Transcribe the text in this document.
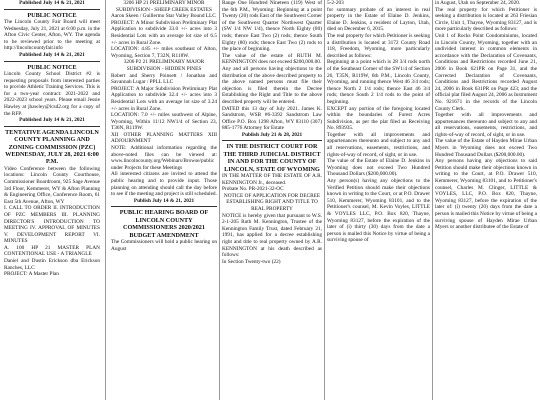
Published July 14 & 21, 2021

PUBLIC NOTICE

The Lincoln County Fair Board will meet Wednesday, July 21, 2021 at 6:00 p.m. in the Afton Civic Center, Afton, WY. The agenda to be reviewed prior to the meeting at http://lincolncountyfair.info

Published July 14 & 21, 2021

PUBLIC NOTICE

Lincoln County School District #2 is requesting proposals from interested parties to provide Athletic Training Services. This is for a two-year contract: 2021-2022 and 2022-2023 school years. Please email Jessie Hawley at jhawley@lcsd2.org for a copy of the RFP.

Published July 14 & 21, 2021

TENTATIVE AGENDA LINCOLN COUNTY PLANNING AND ZONING COMMISSION (PZC) WEDNESDAY, JULY 28, 2021 6:00 P.M.

Video Conference between the following locations: Lincoln County Courthouse, Commissioner Boardroom, 925 Sage Avenue 3rd Floor, Kemmerer, WY & Afton Planning & Engineering Office, Conference Room, 61 East 5th Avenue, Afton, WY

I. CALL TO ORDER II. INTRODUCTION OF PZC MEMBERS III. PLANNING DIRECTOR'S INTRODUCTION TO MEETING IV. APPROVAL OF MINUTES V. DEVELOPMENT REPORT VI. MINUTES

A. 100 HP 21 MASTER PLAN CONTENTIONAL USE - A TRIANGLE

Daniel and Dustin Erickson dba Erickson Ranches, LLC

PROJECT: A Master Plan

3206 HP 21 PRELIMINARY MINOR SUBDIVISION - SHEEP CREEK ESTATES

Aaron Skeen / Guillermo Star Valley Bound LLC

PROJECT: A Minor Subdivision Preliminary Plat Application to subdivide 33.0 +/- acres into 3 Residential Lots with an average lot size of 6.5 +/- acres in Rural Zone.

LOCATION: 4.85 +/- miles southeast of Alton, Wyoming, Section 7, T32N, R118W.

3206 P2 21 PRELIMINARY MAJOR SUBDIVISION - HIDDEN PINES

Robert and Sherry Poinsett / Jonathan and Savannah Lugar / PPLL LLC

PROJECT: A Major Subdivision Preliminary Plat Application to subdivide 32.4 +/- acres into 3 Residential Lots with an average lot size of 3.24 +/- acres in Rural Zone.

LOCATION: 7.0 +/- miles southwest of Alpine, Wyoming, Within 11/12 NW1/4 of Section 23, T36N, R119W.

XII OTHER PLANNING MATTERS XIII ADJOURNMENT

NOTE: Additional information regarding the above-noted files can be viewed at: www.lincolncounty.org/Webinars/Browse/public under Projects for these Meetings

All interested citizens are invited to attend the public hearing and to provide input. Those planning on attending should call the day before to see if the meeting and project is still scheduled.

Publish July 14 & 21, 2021

PUBLIC HEARING BOARD OF LINCOLN COUNTY COMMISSIONERS 2020/2021 BUDGET AMENDMENT

The Commissioners will hold a public hearing on August

Range One Hundred Nineteen (119) West of the 6th P.M., Wyoming: Beginning at a point Twenty (20) rods East of the Southwest Corner of the Southwest Quarter Northwest Quarter (SW 1/4 NW 1/4), thence North Eighty (80) rods; thence East Two (2) rods; thence South Eighty (80) rods; thence East Two (2) rods to the place of beginning.

The value of the estate of RUTH M. KENNINGTON does not exceed $200,000.00.

Any and all persons having objections to the distribution of the above described property to the above named persons must file their objection is filed therein the Decree Establishing the Right and Title to the above described property will be entered.

DATED this 13 day of July 2021. James K. Sandstrom, WSB #6-3392 Sandstrom Law Office P.O. Box 1298 Afton, WY 83110 (307) 885-1776 Attorney for Estate

Publish July 21 & 28, 2021

IN THE DISTRICT COURT FOR THE THIRD JUDICIAL DISTRICT IN AND FOR THE COUNTY OF LINCOLN, STATE OF WYOMING

IN THE MATTER OF THE ESTATE OF A.R. KENNINGTON Jr., deceased.

Probate No. PR-2021-32-OC

NOTICE OF APPLICATION FOR DECREE ESTABLISHING RIGHT AND TITLE TO REAL PROPERTY

NOTICE is hereby given that pursuant to W.S. 2-1-205 Ruth M. Kennington, Trustee of the Kennington Family Trust, dated February 21, 1991, has applied for a decree establishing right and title to real property owned by A.R. KENNINGTON at his death described as follows:

In Section Twenty-two (22)

5-2-203

for summary probate of an interest in real property in the Estate of Elaine D. Jenkins, Elaine D. Jenkins, a resident of Layton, Utah, died on December 6, 2015.

The real property for which Petitioner is seeking a distribution is located at 3172 County Road 118, Freedom, Wyoming, more particularly described as follows:

Beginning at a point which is 28 3/4 rods north of the Southeast Corner of the SW1/4 of Section 26, T35N, R119W, 6th P.M., Lincoln County, Wyoming, and running thence West 46 3/4 rods; thence North 2 1/4 rods; thence East 46 3/4 rods; thence South 2 1/4 rods to the point of beginning.

EXCEPT any portion of the foregoing located within the boundaries of Forest Acres Subdivision, as per the plat filed as Receiving No. 893935.

Together with all improvements and appurtenances thereunto and subject to any and all reservations, easements, restrictions, and rights-of-way of record, of sight, or in use.

The value of the Estate of Elaine D. Jenkins in Wyoming does not exceed Two Hundred Thousand Dollars ($200,000.00).

Any person(s) having any objections to the Verified Petition should make their objections known in writing to the Court, or at P.O. Drawer 510, Kemmerer, Wyoming 83101, and to the Petitioner's counsel, M. Kevin Voyles, LITTLE & VOYLES LLC, P.O. Box 820, Thayne, Wyoming 83127, before the expiration of the later of (i) thirty (30) days from the date a person is mailed this Notice by virtue of being a surviving spouse of

in August, Utah on September 24, 2020.

The real property for which Petitioner is seeking a distribution is located at 263 Friesian Circle, Unit 1, Thayne, Wyoming 83127, and is more particularly described as follows:

Unit 1 of Rocks Point Condominiums, located in Lincoln County, Wyoming, together with an undivided interest in common elements in accordance with the Declaration of Covenants, Conditions and Restrictions recorded June 21, 2006 in Book 621PR on Page 31, and the Corrected Declaration of Covenants, Conditions and Restrictions recorded August 24, 2006 in Book 631PR on Page 423; and the official plat filed August 24, 2006 as Instrument No. 921671 in the records of the Lincoln County Clerk.

Together with all improvements and appurtenances thereunto and subject to any and all reservations, easements, restrictions, and rights-of-way of record, of sight, or in use.

The value of the Estate of Hayden Mirae Urban Myers in Wyoming does not exceed Two Hundred Thousand Dollars ($200,000.00).

Any persons having any objections to said Petition should make their objections known in writing to the Court, at P.O. Drawer 510, Kemmerer, Wyoming 83101, and to Petitioner's counsel, Charles M. Clinger, LITTLE & VOYLES, LLC, P.O. Box 820, Thayne, Wyoming 83127, before the expiration of the later of: (i) twenty (20) days from the date a person is mailed this Notice by virtue of being a surviving spouse of Hayden Mirae Urban Myers or another distributee of the Estate of
